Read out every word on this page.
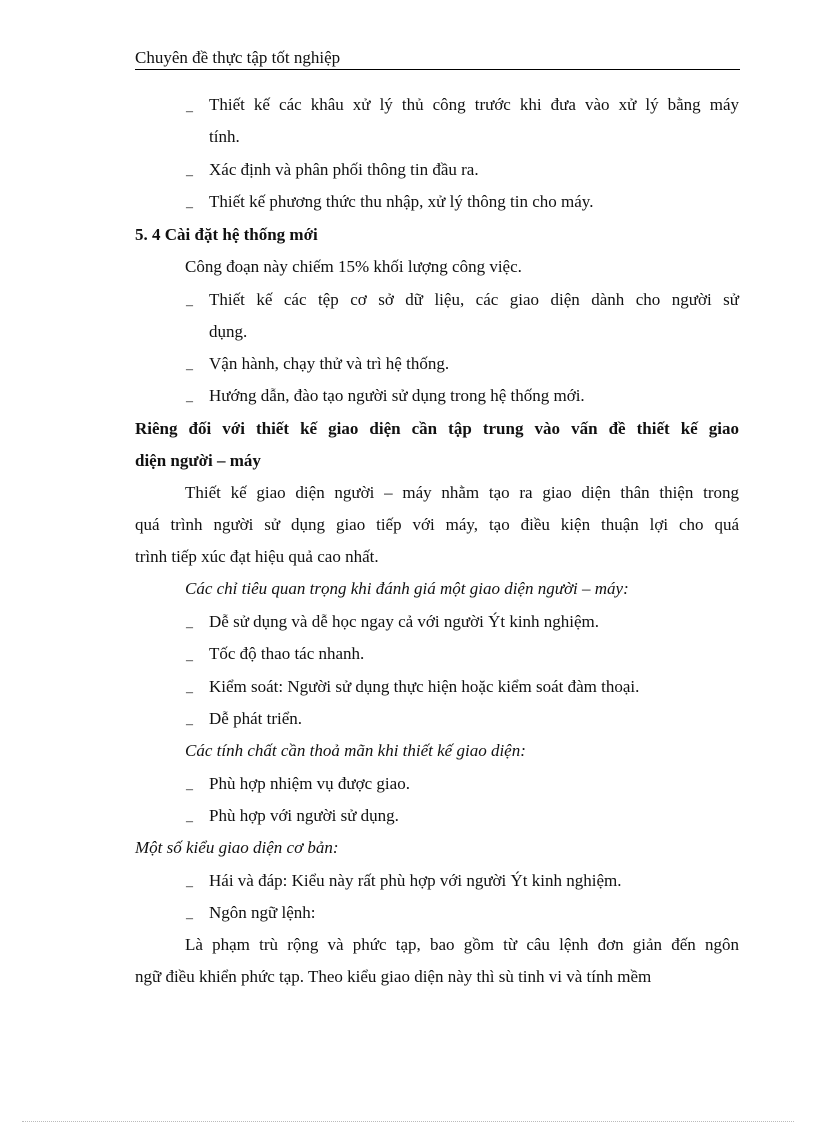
Chuyên đề thực tập tốt nghiệp
–
–
–
–
–
–
–
–
–
–
–
–
–
–
Thiết kế các khâu xử lý thủ công trước khi đưa vào xử lý bằng máy
tính.
Xác định và phân phối thông tin đầu ra.
Thiết kế phương thức thu nhập, xử lý thông tin cho máy.
5. 4 Cài đặt hệ thống mới
Công đoạn này chiếm 15% khối lượng công việc.
Thiết kế các tệp cơ sở dữ liệu, các giao diện dành cho người sử
dụng.
Vận hành, chạy thử và trì hệ thống.
Hướng dẫn, đào tạo người sử dụng trong hệ thống mới.
Riêng đối với thiết kế giao diện cần tập trung vào vấn đề thiết kế giao
diện người – máy
Thiết kế giao diện người – máy nhằm tạo ra giao diện thân thiện trong
quá trình người sử dụng giao tiếp với máy, tạo điều kiện thuận lợi cho quá
trình tiếp xúc đạt hiệu quả cao nhất.
Các chỉ tiêu quan trọng khi đánh giá một giao diện người – máy:
Dễ sử dụng và dễ học ngay cả với người Ýt kinh nghiệm.
Tốc độ thao tác nhanh.
Kiểm soát: Người sử dụng thực hiện hoặc kiểm soát đàm thoại.
Dễ phát triển.
Các tính chất cần thoả mãn khi thiết kế giao diện:
Phù hợp nhiệm vụ được giao.
Phù hợp với người sử dụng.
Một số kiểu giao diện cơ bản:
Hái và đáp: Kiểu này rất phù hợp với người Ýt kinh nghiệm.
Ngôn ngữ lệnh:
Là phạm trù rộng và phức tạp, bao gồm từ câu lệnh đơn giản đến ngôn
ngữ điều khiển phức tạp. Theo kiểu giao diện này thì sù tinh vi và tính mềm
